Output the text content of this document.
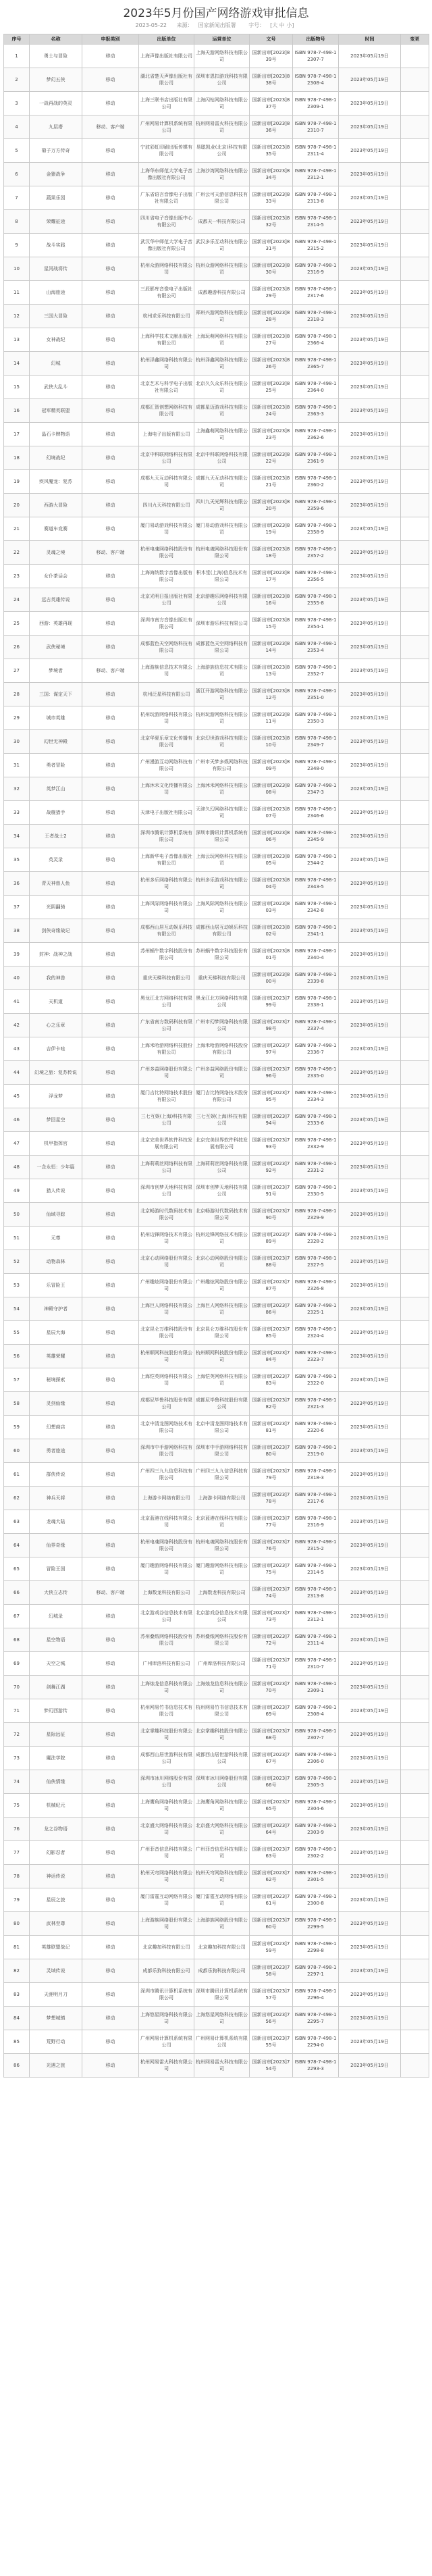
2023年5月份国产网络游戏审批信息
2023-05-22 来源： 国家新闻出版署 字号： [大 中 小]
序号	名称	申报类别	出版单位	运营单位	文号	出版物号	时间	变更
1	勇士与冒险	移动	上海声像出版社有限公司	上海天游网络科技有限公司	国新出审[2023]839号	ISBN 978-7-498-12307-7	2023年05月19日	
2	梦幻五侠	移动	湖北省楚天声像出版社有限公司	深圳市恩扣游戏科技有限公司	国新出审[2023]838号	ISBN 978-7-498-12308-4	2023年05月19日	
3	一战再战的英灵	移动	上海三联书店出版社有限公司	上海闪钻网络科技有限公司	国新出审[2023]837号	ISBN 978-7-498-12309-1	2023年05月19日	
4	九层塔	移动、客户端	广州网易计算机系统有限公司	杭州网易雷火科技有限公司	国新出审[2023]836号	ISBN 978-7-498-12310-7	2023年05月19日	
5	菊子万方传奇	移动	宁波彩虹印刷出版传媒有限公司	易聪凯业(北京)科技有限公司	国新出审[2023]835号	ISBN 978-7-498-12311-4	2023年05月19日	
6	金猿战争	移动	上海华东师范大学电子音像出版社有限公司	上海沙湾网络科技有限公司	国新出审[2023]834号	ISBN 978-7-498-12312-1	2023年05月19日	
7	蔬果乐园	移动	广东省语言音像电子出版社有限公司	广州云可天游信息科技有限公司	国新出审[2023]833号	ISBN 978-7-498-12313-8	2023年05月19日	
8	荣耀征途	移动	四川省电子音像出版中心有限公司	成都天一科技有限公司	国新出审[2023]832号	ISBN 978-7-498-12314-5	2023年05月19日	
9	战斗实践	移动	武汉华中师范大学电子音像出版社有限公司	武汉多乐互动科技有限公司	国新出审[2023]831号	ISBN 978-7-498-12315-2	2023年05月19日	
10	星河战将传	移动	杭州众游网络科技有限公司	杭州众游网络科技有限公司	国新出审[2023]830号	ISBN 978-7-498-12316-9	2023年05月19日	
11	山海旅途	移动	三辰影库音像电子出版社有限公司	成都趣游科技有限公司	国新出审[2023]829号	ISBN 978-7-498-12317-6	2023年05月19日	
12	三国大冒险	移动	杭州求乐科技有限公司	郑州兴游网络科技有限公司	国新出审[2023]828号	ISBN 978-7-498-12318-3	2023年05月19日	
13	女神战纪	移动	上海科学技术文献出版社有限公司	上海玩萌网络科技有限公司	国新出审[2023]827号	ISBN 978-7-498-12366-4	2023年05月19日	
14	幻城	移动	杭州泽鑫网络科技有限公司	杭州泽鑫网络科技有限公司	国新出审[2023]826号	ISBN 978-7-498-12365-7	2023年05月19日	
15	武侠大乱斗	移动	北京艺术与科学电子出版社有限公司	北京久久众乐科技有限公司	国新出审[2023]825号	ISBN 978-7-498-12364-0	2023年05月19日	
16	冠军精英联盟	移动	成都汇智创想网络科技有限公司	成都星迈游戏科技有限公司	国新出审[2023]824号	ISBN 978-7-498-12363-3	2023年05月19日	
17	晶石卡牌物语	移动	上海电子出版有限公司	上海鑫萌网络科技有限公司	国新出审[2023]823号	ISBN 978-7-498-12362-6	2023年05月19日	
18	幻境战纪	移动	北京中科联网络科技有限公司	北京中科联网络科技有限公司	国新出审[2023]822号	ISBN 978-7-498-12361-9	2023年05月19日	
19	疾风魔龙：复苏	移动	成都九天互动科技有限公司	成都九天互动科技有限公司	国新出审[2023]821号	ISBN 978-7-498-12360-2	2023年05月19日	
20	西游大冒险	移动	四川九天科技有限公司	四川九天光辉科技有限公司	国新出审[2023]820号	ISBN 978-7-498-12359-6	2023年05月19日	
21	赛道车竞赛	移动	厦门易动游戏科技有限公司	厦门易动游戏科技有限公司	国新出审[2023]819号	ISBN 978-7-498-12358-9	2023年05月19日	
22	灵魂之境	移动、客户端	杭州电魂网络科技股份有限公司	杭州电魂网络科技股份有限公司	国新出审[2023]818号	ISBN 978-7-498-12357-2	2023年05月19日	
23	女仆茶话会	移动	上海海纳数字音像出版有限公司	积木堂(上海)信息技术有限公司	国新出审[2023]817号	ISBN 978-7-498-12356-5	2023年05月19日	
24	远古英雄传说	移动	北京光明日报出版社有限公司	北京游趣乐网络科技有限公司	国新出审[2023]816号	ISBN 978-7-498-12355-8	2023年05月19日	
25	西游：英雄再现	移动	深圳市南方音像出版社有限公司	深圳市游乐科技有限公司	国新出审[2023]815号	ISBN 978-7-498-12354-1	2023年05月19日	
26	武侠秘境	移动	成都蓝色天空网络科技有限公司	成都蓝色天空网络科技有限公司	国新出审[2023]814号	ISBN 978-7-498-12353-4	2023年05月19日	
27	梦境者	移动、客户端	上海游族信息技术有限公司	上海游族信息技术有限公司	国新出审[2023]813号	ISBN 978-7-498-12352-7	2023年05月19日	
28	三国：谋定天下	移动	杭州泛星科技有限公司	浙江开游网络科技有限公司	国新出审[2023]812号	ISBN 978-7-498-12351-0	2023年05月19日	
29	城市英雄	移动	杭州玩游网络科技有限公司	杭州玩游网络科技有限公司	国新出审[2023]811号	ISBN 978-7-498-12350-3	2023年05月19日	
30	幻世无神殿	移动	北京华夏乐章文化传播有限公司	北京幻世游戏科技有限公司	国新出审[2023]810号	ISBN 978-7-498-12349-7	2023年05月19日	
31	勇者冒险	移动	广州漫游互动网络科技有限公司	广州市天梦多娱网络科技有限公司	国新出审[2023]809号	ISBN 978-7-498-12348-0	2023年05月19日	
32	英梦江山	移动	上海沐禾文化传播有限公司	上海沐禾网络科技有限公司	国新出审[2023]808号	ISBN 978-7-498-12347-3	2023年05月19日	
33	战舰猎手	移动	天津电子出版社有限公司	天津久幻网络科技有限公司	国新出审[2023]807号	ISBN 978-7-498-12346-6	2023年05月19日	
34	王者战士2	移动	深圳市腾讯计算机系统有限公司	深圳市腾讯计算机系统有限公司	国新出审[2023]806号	ISBN 978-7-498-12345-9	2023年05月19日	
35	英灵录	移动	上海新华电子音像出版社有限公司	上海云玩网络科技有限公司	国新出审[2023]805号	ISBN 978-7-498-12344-2	2023年05月19日	
36	青天神兽人鱼	移动	杭州多乐网络科技有限公司	杭州多乐游戏科技有限公司	国新出审[2023]804号	ISBN 978-7-498-12343-5	2023年05月19日	
37	光阴翻骑	移动	上海风际网络科技有限公司	上海风际网络科技有限公司	国新出审[2023]803号	ISBN 978-7-498-12342-8	2023年05月19日	
38	剑侠奇缘战记	移动	成都西山居互动娱乐科技有限公司	成都西山居互动娱乐科技有限公司	国新出审[2023]802号	ISBN 978-7-498-12341-1	2023年05月19日	
39	封神：战神之战	移动	苏州蜗牛数字科技股份有限公司	苏州蜗牛数字科技股份有限公司	国新出审[2023]801号	ISBN 978-7-498-12340-4	2023年05月19日	
40	我的神兽	移动	重庆天梯科技有限公司	重庆天梯科技有限公司	国新出审[2023]800号	ISBN 978-7-498-12339-8	2023年05月19日	
41	天机道	移动	黑龙江北方网络科技有限公司	黑龙江北方网络科技有限公司	国新出审[2023]799号	ISBN 978-7-498-12338-1	2023年05月19日	
42	心之乐章	移动	广东省南方数码科技有限公司	广州市幻梦网络科技有限公司	国新出审[2023]798号	ISBN 978-7-498-12337-4	2023年05月19日	
43	吉伊卡哇	移动	上海米哈游网络科技股份有限公司	上海米哈游网络科技股份有限公司	国新出审[2023]797号	ISBN 978-7-498-12336-7	2023年05月19日	
44	幻境之旅：复苏传说	移动	广州多益网络股份有限公司	广州多益网络股份有限公司	国新出审[2023]796号	ISBN 978-7-498-12335-0	2023年05月19日	
45	浮龙梦	移动	厦门吉比特网络技术股份有限公司	厦门吉比特网络技术股份有限公司	国新出审[2023]795号	ISBN 978-7-498-12334-3	2023年05月19日	
46	梦回星空	移动	三七互娱(上海)科技有限公司	三七互娱(上海)科技有限公司	国新出审[2023]794号	ISBN 978-7-498-12333-6	2023年05月19日	
47	机甲指挥官	移动	北京完美世界软件科技发展有限公司	北京完美世界软件科技发展有限公司	国新出审[2023]793号	ISBN 978-7-498-12332-9	2023年05月19日	
48	一念永恒：少年篇	移动	上海莉莉丝网络科技有限公司	上海莉莉丝网络科技有限公司	国新出审[2023]792号	ISBN 978-7-498-12331-2	2023年05月19日	
49	猎人传说	移动	深圳市创梦天地科技有限公司	深圳市创梦天地科技有限公司	国新出审[2023]791号	ISBN 978-7-498-12330-5	2023年05月19日	
50	仙域寻踪	移动	北京畅游时代数码技术有限公司	北京畅游时代数码技术有限公司	国新出审[2023]790号	ISBN 978-7-498-12329-9	2023年05月19日	
51	元尊	移动	杭州边锋网络技术有限公司	杭州边锋网络技术有限公司	国新出审[2023]789号	ISBN 978-7-498-12328-2	2023年05月19日	
52	动物森林	移动	北京心动网络股份有限公司	北京心动网络股份有限公司	国新出审[2023]788号	ISBN 978-7-498-12327-5	2023年05月19日	
53	乐冒险王	移动	广州趣炫网络股份有限公司	广州趣炫网络股份有限公司	国新出审[2023]787号	ISBN 978-7-498-12326-8	2023年05月19日	
54	神殿守护者	移动	上海巨人网络科技有限公司	上海巨人网络科技有限公司	国新出审[2023]786号	ISBN 978-7-498-12325-1	2023年05月19日	
55	星辰大海	移动	北京昆仑万维科技股份有限公司	北京昆仑万维科技股份有限公司	国新出审[2023]785号	ISBN 978-7-498-12324-4	2023年05月19日	
56	英雄荣耀	移动	杭州顺网科技股份有限公司	杭州顺网科技股份有限公司	国新出审[2023]784号	ISBN 978-7-498-12323-7	2023年05月19日	
57	秘境探索	移动	上海恺英网络科技有限公司	上海恺英网络科技有限公司	国新出审[2023]783号	ISBN 978-7-498-12322-0	2023年05月19日	
58	灵剑仙缘	移动	成都尼毕鲁科技股份有限公司	成都尼毕鲁科技股份有限公司	国新出审[2023]782号	ISBN 978-7-498-12321-3	2023年05月19日	
59	幻想商店	移动	北京中清龙图网络技术有限公司	北京中清龙图网络技术有限公司	国新出审[2023]781号	ISBN 978-7-498-12320-6	2023年05月19日	
60	勇者旅途	移动	深圳市中手游网络科技有限公司	深圳市中手游网络科技有限公司	国新出审[2023]780号	ISBN 978-7-498-12319-0	2023年05月19日	
61	群侠传说	移动	广州四三九九信息科技有限公司	广州四三九九信息科技有限公司	国新出审[2023]779号	ISBN 978-7-498-12318-3	2023年05月19日	
62	神兵天将	移动	上海游卡网络有限公司	上海游卡网络有限公司	国新出审[2023]778号	ISBN 978-7-498-12317-6	2023年05月19日	
63	龙魂大陆	移动	北京蓝港在线科技有限公司	北京蓝港在线科技有限公司	国新出审[2023]777号	ISBN 978-7-498-12316-9	2023年05月19日	
64	仙界奇缘	移动	杭州电魂网络科技股份有限公司	杭州电魂网络科技股份有限公司	国新出审[2023]776号	ISBN 978-7-498-12315-2	2023年05月19日	
65	冒险王国	移动	厦门趣游网络科技有限公司	厦门趣游网络科技有限公司	国新出审[2023]775号	ISBN 978-7-498-12314-5	2023年05月19日	
66	大侠立志传	移动、客户端	上海数龙科技有限公司	上海数龙科技有限公司	国新出审[2023]774号	ISBN 978-7-498-12313-8	2023年05月19日	
67	幻城录	移动	北京游戏谷信息技术有限公司	北京游戏谷信息技术有限公司	国新出审[2023]773号	ISBN 978-7-498-12312-1	2023年05月19日	
68	星空物语	移动	苏州叠纸网络科技股份有限公司	苏州叠纸网络科技股份有限公司	国新出审[2023]772号	ISBN 978-7-498-12311-4	2023年05月19日	
69	天空之城	移动	广州库洛科技有限公司	广州库洛科技有限公司	国新出审[2023]771号	ISBN 978-7-498-12310-7	2023年05月19日	
70	剑舞江湖	移动	上海烛龙信息科技有限公司	上海烛龙信息科技有限公司	国新出审[2023]770号	ISBN 978-7-498-12309-1	2023年05月19日	
71	梦幻西游传	移动	杭州网易竹书信息技术有限公司	杭州网易竹书信息技术有限公司	国新出审[2023]769号	ISBN 978-7-498-12308-4	2023年05月19日	
72	星际远征	移动	北京掌趣科技股份有限公司	北京掌趣科技股份有限公司	国新出审[2023]768号	ISBN 978-7-498-12307-7	2023年05月19日	
73	魔法学院	移动	成都西山居世游科技有限公司	成都西山居世游科技有限公司	国新出审[2023]767号	ISBN 978-7-498-12306-0	2023年05月19日	
74	仙侠情缘	移动	深圳市冰川网络股份有限公司	深圳市冰川网络股份有限公司	国新出审[2023]766号	ISBN 978-7-498-12305-3	2023年05月19日	
75	机械纪元	移动	上海鹰角网络科技有限公司	上海鹰角网络科技有限公司	国新出审[2023]765号	ISBN 978-7-498-12304-6	2023年05月19日	
76	龙之谷物语	移动	北京盛大网络科技有限公司	北京盛大网络科技有限公司	国新出审[2023]764号	ISBN 978-7-498-12303-9	2023年05月19日	
77	幻影忍者	移动	广州菲音信息科技有限公司	广州菲音信息科技有限公司	国新出审[2023]763号	ISBN 978-7-498-12302-2	2023年05月19日	
78	神话传说	移动	杭州天穹网络科技有限公司	杭州天穹网络科技有限公司	国新出审[2023]762号	ISBN 978-7-498-12301-5	2023年05月19日	
79	星辰之旅	移动	厦门雷霆互动网络有限公司	厦门雷霆互动网络有限公司	国新出审[2023]761号	ISBN 978-7-498-12300-8	2023年05月19日	
80	武林至尊	移动	上海游族网络股份有限公司	上海游族网络股份有限公司	国新出审[2023]760号	ISBN 978-7-498-12299-5	2023年05月19日	
81	英雄联盟战记	移动	北京趣加科技有限公司	北京趣加科技有限公司	国新出审[2023]759号	ISBN 978-7-498-12298-8	2023年05月19日	
82	灵域传说	移动	成都乐狗科技有限公司	成都乐狗科技有限公司	国新出审[2023]758号	ISBN 978-7-498-12297-1	2023年05月19日	
83	天涯明月刀	移动	深圳市腾讯计算机系统有限公司	深圳市腾讯计算机系统有限公司	国新出审[2023]757号	ISBN 978-7-498-12296-4	2023年05月19日	
84	梦想城镇	移动	上海悠星网络科技有限公司	上海悠星网络科技有限公司	国新出审[2023]756号	ISBN 978-7-498-12295-7	2023年05月19日	
85	荒野行动	移动	广州网易计算机系统有限公司	广州网易计算机系统有限公司	国新出审[2023]755号	ISBN 978-7-498-12294-0	2023年05月19日	
86	光遇之旅	移动	杭州网易雷火科技有限公司	杭州网易雷火科技有限公司	国新出审[2023]754号	ISBN 978-7-498-12293-3	2023年05月19日	
